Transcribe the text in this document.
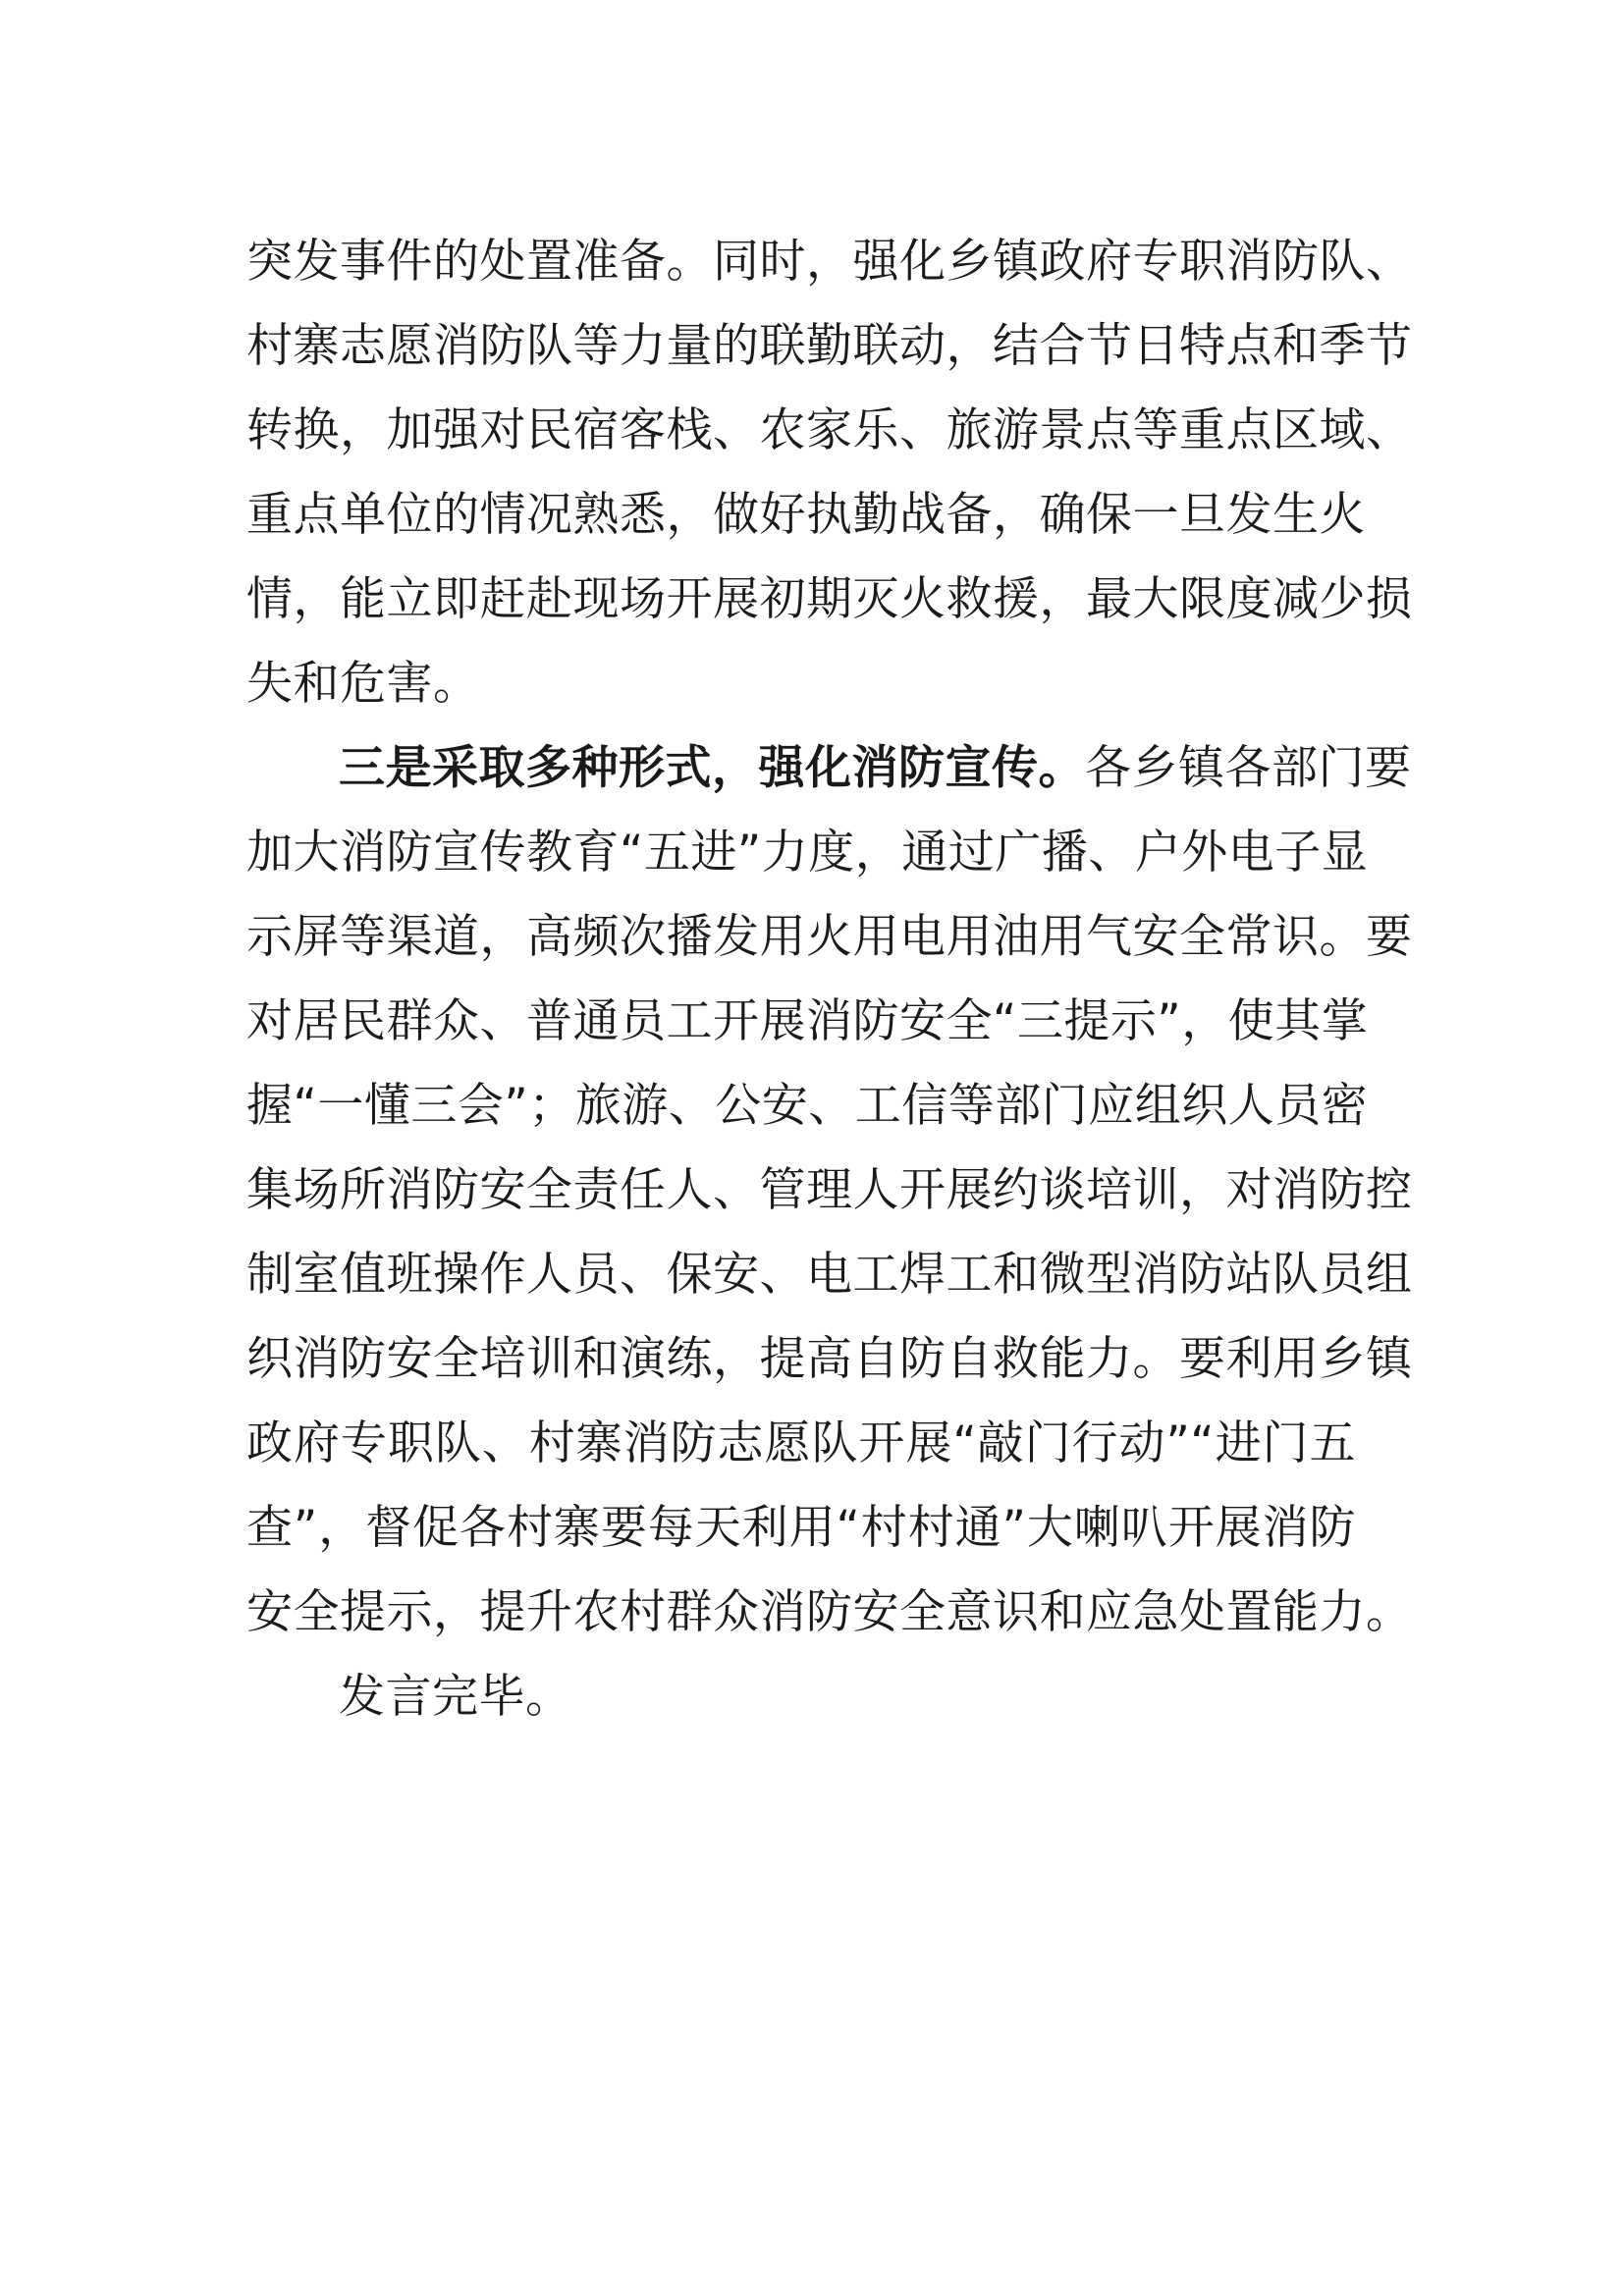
突发事件的处置准备。同时，强化乡镇政府专职消防队、
村寨志愿消防队等力量的联勤联动，结合节日特点和季节
转换，加强对民宿客栈、农家乐、旅游景点等重点区域、
重点单位的情况熟悉，做好执勤战备，确保一旦发生火
情，能立即赶赴现场开展初期灭火救援，最大限度减少损
失和危害。
三是采取多种形式，强化消防宣传。各乡镇各部门要
加大消防宣传教育“五进”力度，通过广播、户外电子显
示屏等渠道，高频次播发用火用电用油用气安全常识。要
对居民群众、普通员工开展消防安全“三提示”，使其掌
握“一懂三会”；旅游、公安、工信等部门应组织人员密
集场所消防安全责任人、管理人开展约谈培训，对消防控
制室值班操作人员、保安、电工焊工和微型消防站队员组
织消防安全培训和演练，提高自防自救能力。要利用乡镇
政府专职队、村寨消防志愿队开展“敲门行动”“进门五
查”，督促各村寨要每天利用“村村通”大喇叭开展消防
安全提示，提升农村群众消防安全意识和应急处置能力。
发言完毕。
